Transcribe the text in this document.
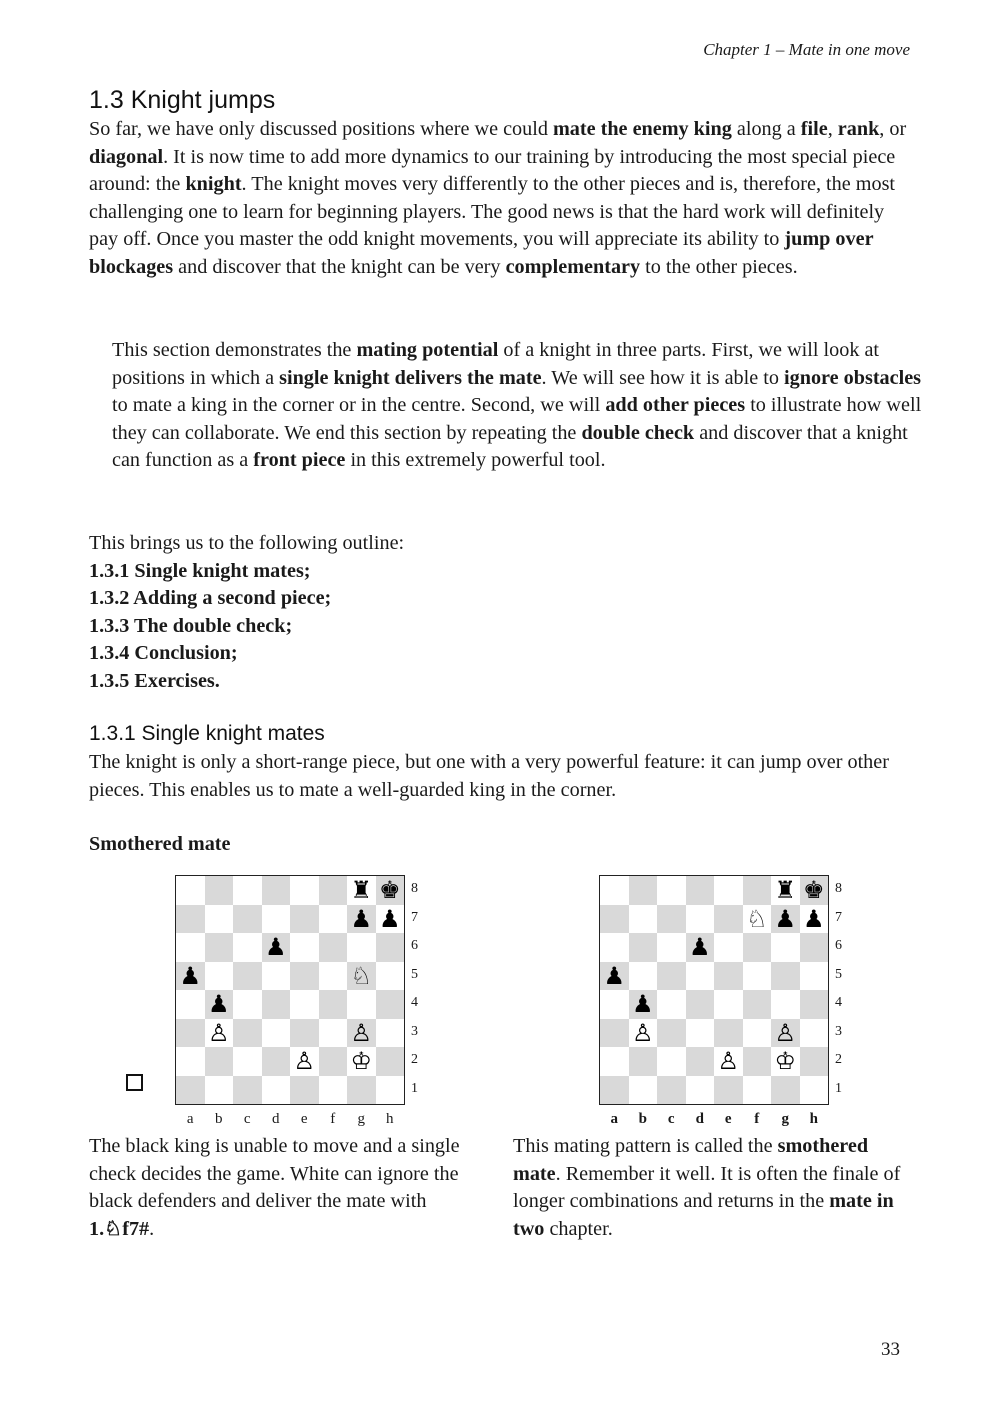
Chapter 1 – Mate in one move
1.3 Knight jumps

So far, we have only discussed positions where we could mate the enemy king along a file, rank, or diagonal. It is now time to add more dynamics to our training by introducing the most special piece around: the knight. The knight moves very differently to the other pieces and is, therefore, the most challenging one to learn for beginning players. The good news is that the hard work will definitely pay off. Once you master the odd knight movements, you will appreciate its ability to jump over blockages and discover that the knight can be very complementary to the other pieces.

This section demonstrates the mating potential of a knight in three parts. First, we will look at positions in which a single knight delivers the mate. We will see how it is able to ignore obstacles to mate a king in the corner or in the centre. Second, we will add other pieces to illustrate how well they can collaborate. We end this section by repeating the double check and discover that a knight can function as a front piece in this extremely powerful tool.

This brings us to the following outline:
1.3.1 Single knight mates;
1.3.2 Adding a second piece;
1.3.3 The double check;
1.3.4 Conclusion;
1.3.5 Exercises.
1.3.1 Single knight mates

The knight is only a short-range piece, but one with a very powerful feature: it can jump over other pieces. This enables us to mate a well-guarded king in the corner.

Smothered mate
♜ ♚
♟ ♟
♟
♟	♘
♟
♙	♙
♙ ♔
8
7
6
5
4
3
2
1
a	b	c	d	e	f	g	h
♜ ♚
♘ ♟ ♟
♟
♟
♟
♙	♙
♙ ♔
8
7
6
5
4
3
2
1
a	b	c	d	e	f	g	h

The black king is unable to move and a single check decides the game. White can ignore the black defenders and deliver the mate with 1.♘f7#.

This mating pattern is called the smothered mate. Remember it well. It is often the finale of longer combinations and returns in the mate in two chapter.

33
